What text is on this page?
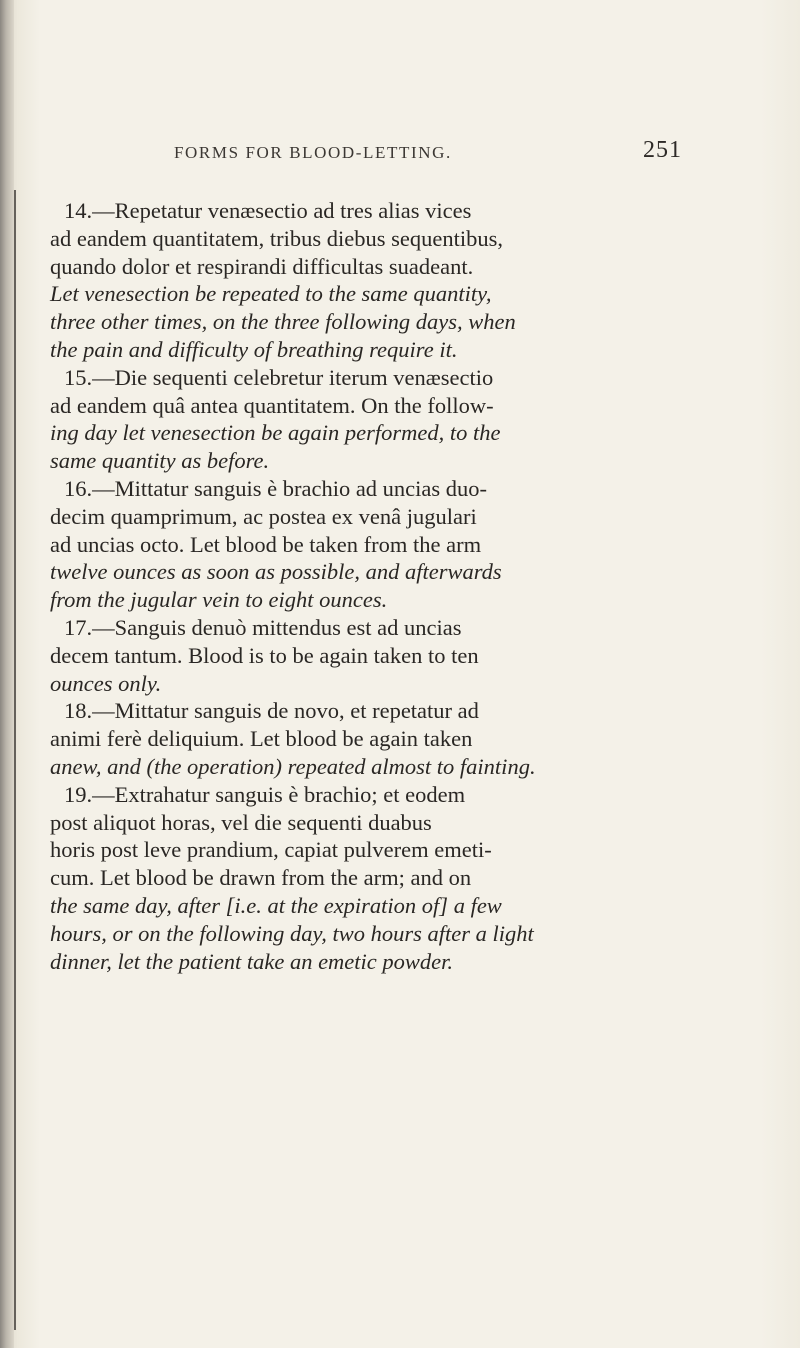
FORMS FOR BLOOD-LETTING.	251
14.—Repetatur venæsectio ad tres alias vices
ad eandem quantitatem, tribus diebus sequentibus,
quando dolor et respirandi difficultas suadeant.
Let venesection be repeated to the same quantity,
three other times, on the three following days, when
the pain and difficulty of breathing require it.
15.—Die sequenti celebretur iterum venæsectio
ad eandem quâ antea quantitatem. On the follow-
ing day let venesection be again performed, to the
same quantity as before.
16.—Mittatur sanguis è brachio ad uncias duo-
decim quamprimum, ac postea ex venâ jugulari
ad uncias octo. Let blood be taken from the arm
twelve ounces as soon as possible, and afterwards
from the jugular vein to eight ounces.
17.—Sanguis denuò mittendus est ad uncias
decem tantum. Blood is to be again taken to ten
ounces only.
18.—Mittatur sanguis de novo, et repetatur ad
animi ferè deliquium. Let blood be again taken
anew, and (the operation) repeated almost to fainting.
19.—Extrahatur sanguis è brachio; et eodem
post aliquot horas, vel die sequenti duabus
horis post leve prandium, capiat pulverem emeti-
cum. Let blood be drawn from the arm; and on
the same day, after [i.e. at the expiration of] a few
hours, or on the following day, two hours after a light
dinner, let the patient take an emetic powder.
